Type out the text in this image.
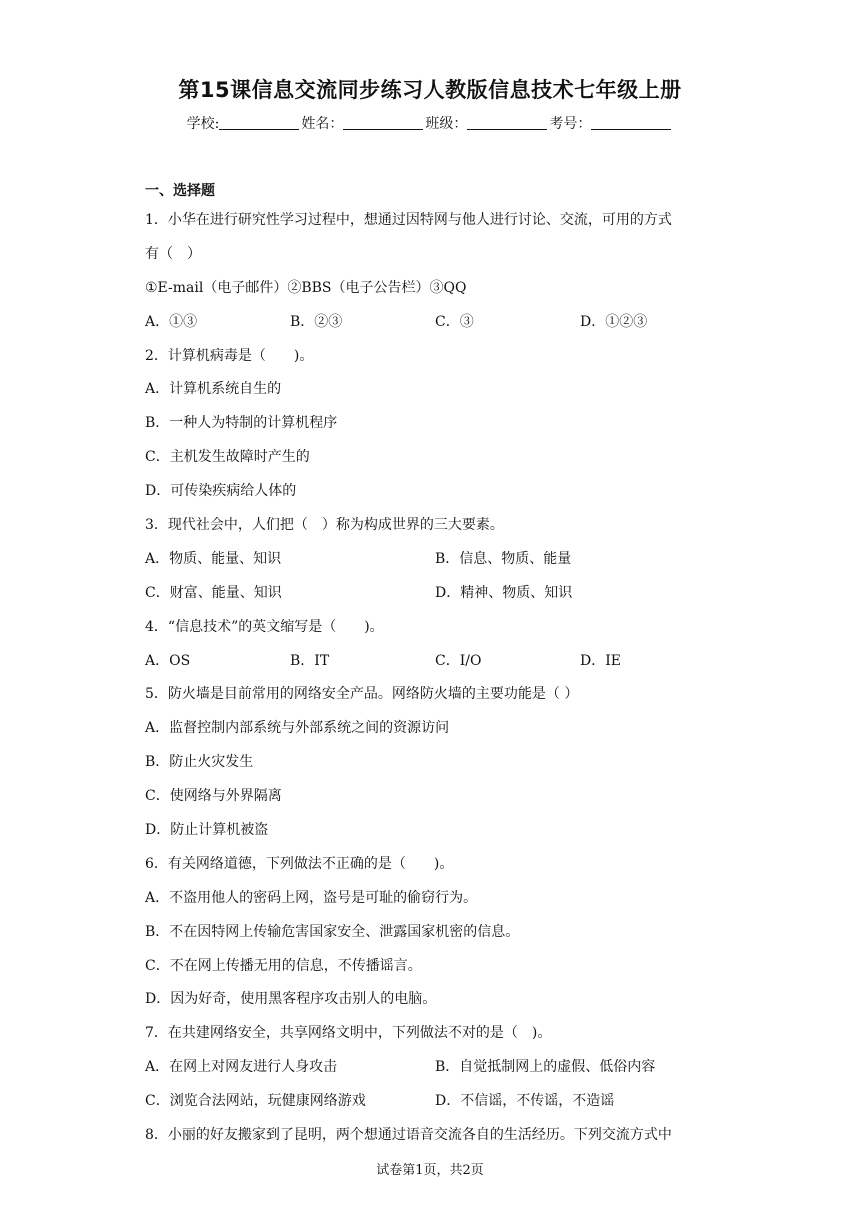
第15课信息交流同步练习人教版信息技术七年级上册
学校:	姓名：	班级：	考号：
一、选择题
1．小华在进行研究性学习过程中，想通过因特网与他人进行讨论、交流，可用的方式
有（　）
①E-mail（电子邮件）②BBS（电子公告栏）③QQ
A．①③	B．②③	C．③	D．①②③
2．计算机病毒是（　　)。
A．计算机系统自生的
B．一种人为特制的计算机程序
C．主机发生故障时产生的
D．可传染疾病给人体的
3．现代社会中，人们把（　）称为构成世界的三大要素。
A．物质、能量、知识	B．信息、物质、能量
C．财富、能量、知识	D．精神、物质、知识
4．“信息技术”的英文缩写是（　　)。
A．OS	B．IT	C．I/O	D．IE
5．防火墙是目前常用的网络安全产品。网络防火墙的主要功能是（ ）
A．监督控制内部系统与外部系统之间的资源访问
B．防止火灾发生
C．使网络与外界隔离
D．防止计算机被盗
6．有关网络道德，下列做法不正确的是（　　)。
A．不盗用他人的密码上网，盗号是可耻的偷窃行为。
B．不在因特网上传输危害国家安全、泄露国家机密的信息。
C．不在网上传播无用的信息，不传播谣言。
D．因为好奇，使用黑客程序攻击别人的电脑。
7．在共建网络安全，共享网络文明中，下列做法不对的是（　)。
A．在网上对网友进行人身攻击	B．自觉抵制网上的虚假、低俗内容
C．浏览合法网站，玩健康网络游戏	D．不信谣，不传谣，不造谣
8．小丽的好友搬家到了昆明，两个想通过语音交流各自的生活经历。下列交流方式中
试卷第1页，共2页
